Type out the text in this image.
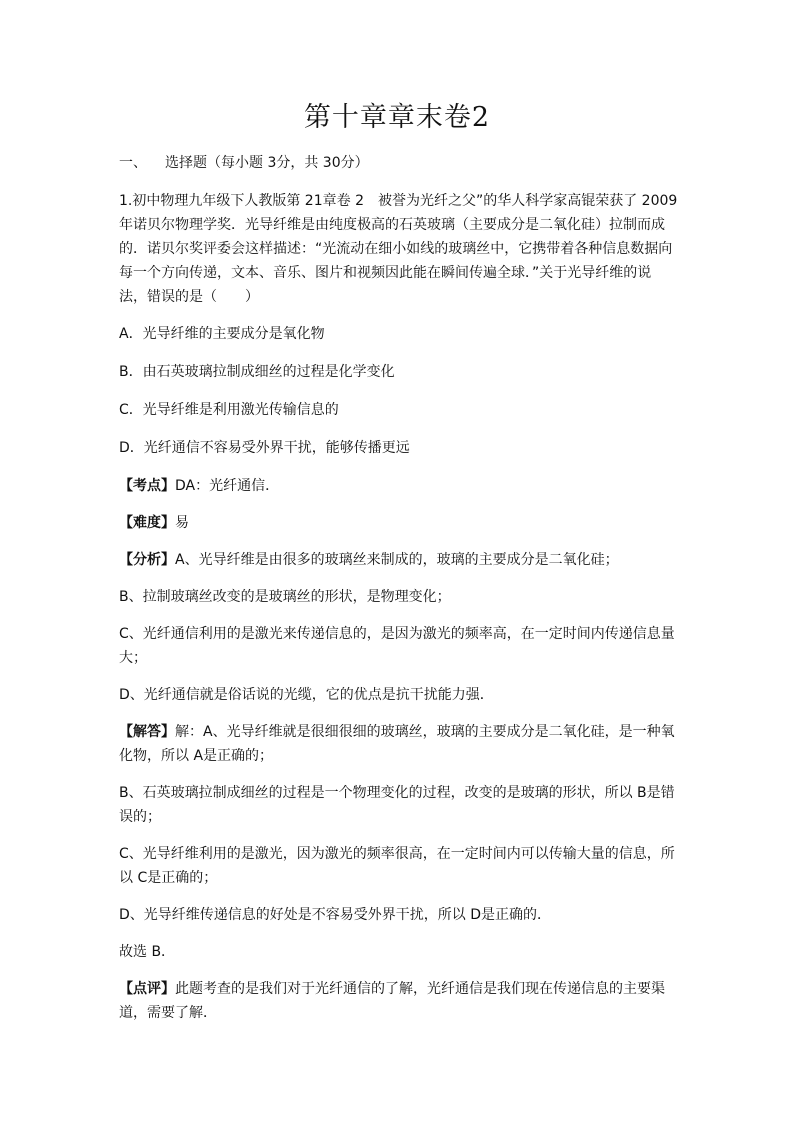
第十章章末卷2

一、 选择题（每小题 3分，共 30分）

1.初中物理九年级下人教版第 21章卷 2　被誉为光纤之父”的华人科学家高锟荣获了 2009年诺贝尔物理学奖．光导纤维是由纯度极高的石英玻璃（主要成分是二氧化硅）拉制而成的．诺贝尔奖评委会这样描述：“光流动在细小如线的玻璃丝中，它携带着各种信息数据向每一个方向传递，文本、音乐、图片和视频因此能在瞬间传遍全球．”关于光导纤维的说法，错误的是（　　）

A．光导纤维的主要成分是氧化物

B．由石英玻璃拉制成细丝的过程是化学变化

C．光导纤维是利用激光传输信息的

D．光纤通信不容易受外界干扰，能够传播更远

【考点】DA：光纤通信．

【难度】易

【分析】A、光导纤维是由很多的玻璃丝来制成的，玻璃的主要成分是二氧化硅；

B、拉制玻璃丝改变的是玻璃丝的形状，是物理变化；

C、光纤通信利用的是激光来传递信息的，是因为激光的频率高，在一定时间内传递信息量大；

D、光纤通信就是俗话说的光缆，它的优点是抗干扰能力强．

【解答】解：A、光导纤维就是很细很细的玻璃丝，玻璃的主要成分是二氧化硅，是一种氧化物，所以 A是正确的；

B、石英玻璃拉制成细丝的过程是一个物理变化的过程，改变的是玻璃的形状，所以 B是错误的；

C、光导纤维利用的是激光，因为激光的频率很高，在一定时间内可以传输大量的信息，所以 C是正确的；

D、光导纤维传递信息的好处是不容易受外界干扰，所以 D是正确的．

故选 B．

【点评】此题考查的是我们对于光纤通信的了解，光纤通信是我们现在传递信息的主要渠道，需要了解．
